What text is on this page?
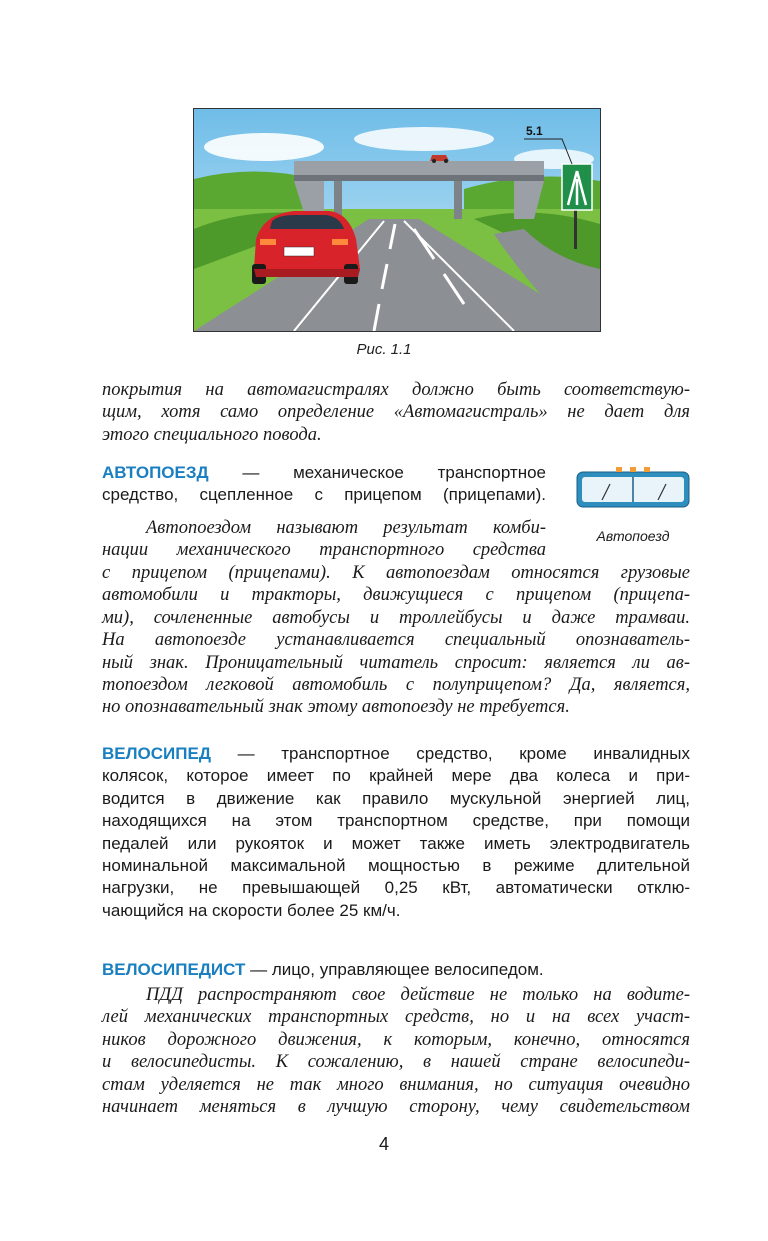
5.1
Рис. 1.1
покрытия на автомагистралях должно быть соответствую-
щим, хотя само определение «Автомагистраль» не дает для
этого специального повода.
АВТОПОЕЗД — механическое транспортное
средство, сцепленное с прицепом (прицепами).
Автопоезд
Автопоездом называют результат комби-
нации механического транспортного средства
с прицепом (прицепами). К автопоездам относятся грузовые
автомобили и тракторы, движущиеся с прицепом (прицепа-
ми), сочлененные автобусы и троллейбусы и даже трамваи.
На автопоезде устанавливается специальный опознаватель-
ный знак. Проницательный читатель спросит: является ли ав-
топоездом легковой автомобиль с полуприцепом? Да, является,
но опознавательный знак этому автопоезду не требуется.
ВЕЛОСИПЕД — транспортное средство, кроме инвалидных
колясок, которое имеет по крайней мере два колеса и при-
водится в движение как правило мускульной энергией лиц,
находящихся на этом транспортном средстве, при помощи
педалей или рукояток и может также иметь электродвигатель
номинальной максимальной мощностью в режиме длительной
нагрузки, не превышающей 0,25 кВт, автоматически отклю-
чающийся на скорости более 25 км/ч.
ВЕЛОСИПЕДИСТ — лицо, управляющее велосипедом.
ПДД распространяют свое действие не только на водите-
лей механических транспортных средств, но и на всех участ-
ников дорожного движения, к которым, конечно, относятся
и велосипедисты. К сожалению, в нашей стране велосипеди-
стам уделяется не так много внимания, но ситуация очевидно
начинает меняться в лучшую сторону, чему свидетельством
4
